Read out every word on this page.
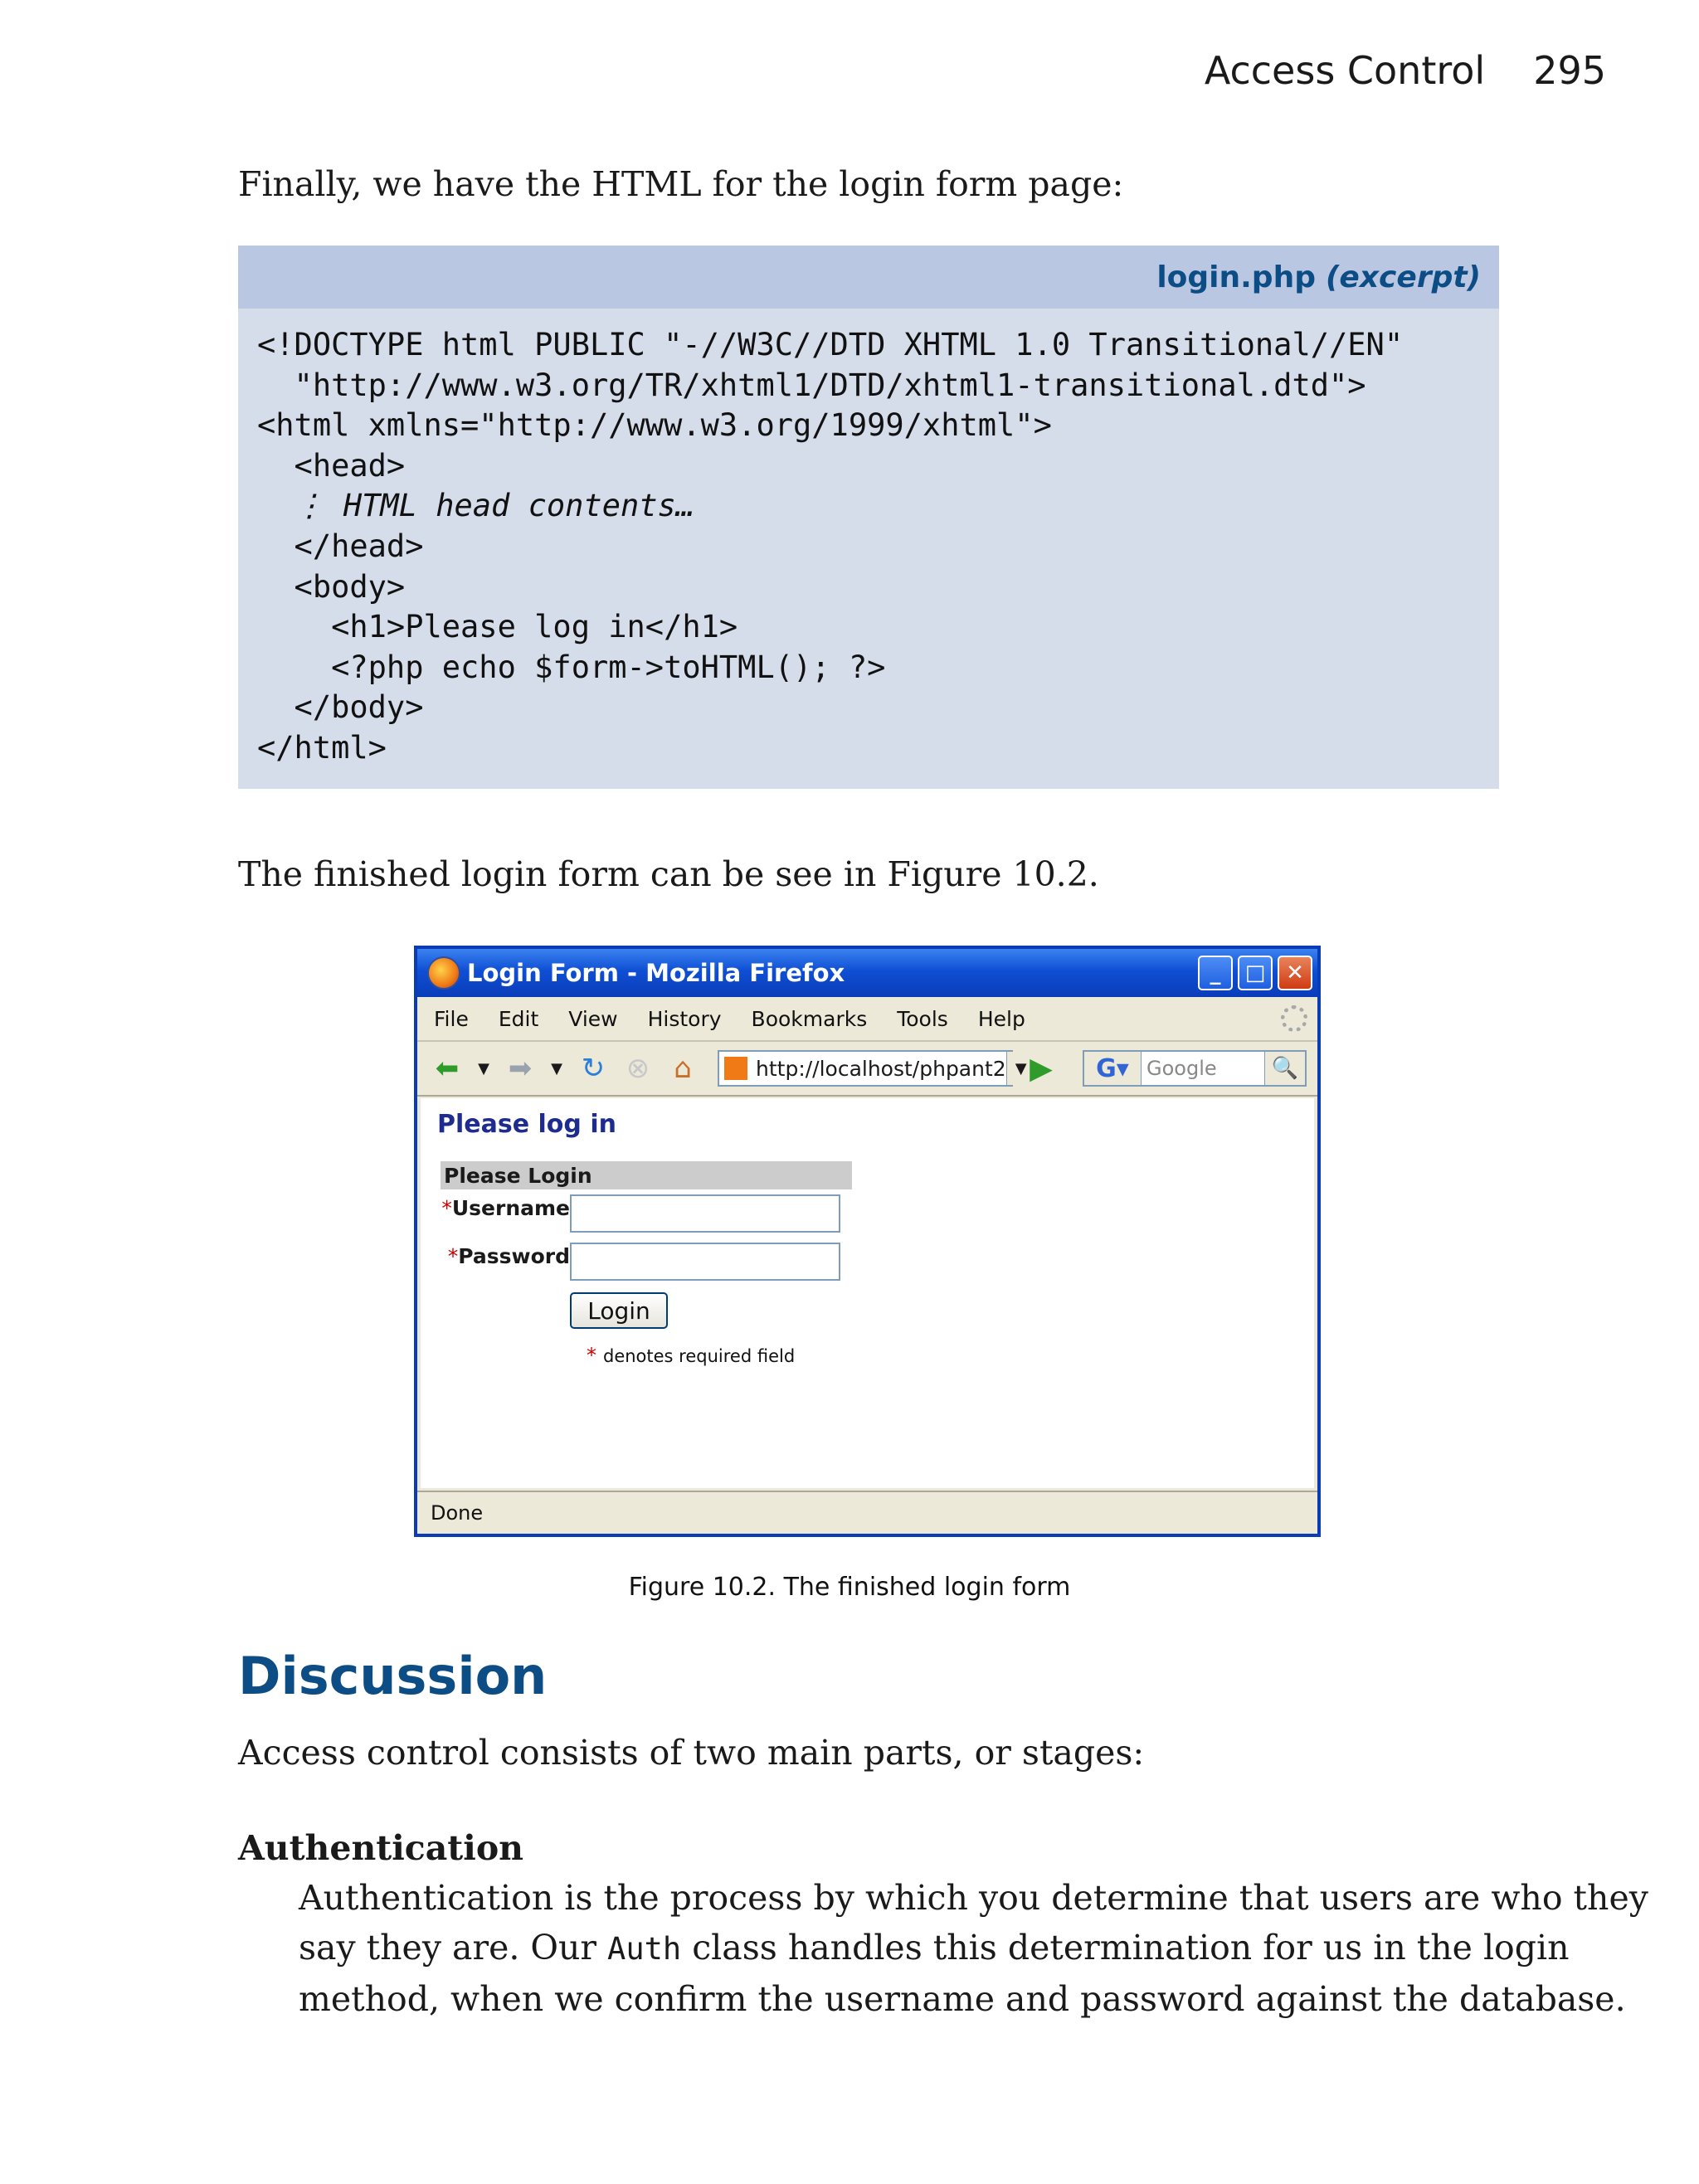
Access Control 295

Finally, we have the HTML for the login form page:

login.php (excerpt)
<!DOCTYPE html PUBLIC "-//W3C//DTD XHTML 1.0 Transitional//EN"
"http://www.w3.org/TR/xhtml1/DTD/xhtml1-transitional.dtd">
<html xmlns="http://www.w3.org/1999/xhtml">
<head>
⋮ HTML head contents…
</head>
<body>
<h1>Please log in</h1>
<?php echo $form->toHTML(); ?>
</body>
</html>

The finished login form can be see in Figure 10.2.

Login Form - Mozilla Firefox	_	□ ✕
File Edit View History Bookmarks Tools Help
⬅	▼ ➡	▼ ↻ ⊗ ⌂	http://localhost/phpant2 ▼ ▶	G▾ Google	🔍
Please log in
Please Login
*Username
*Password
Login
* denotes required field
Done
Figure 10.2. The finished login form
Discussion

Access control consists of two main parts, or stages:

Authentication
Authentication is the process by which you determine that users are who they
say they are. Our Auth class handles this determination for us in the login
method, when we confirm the username and password against the database.
